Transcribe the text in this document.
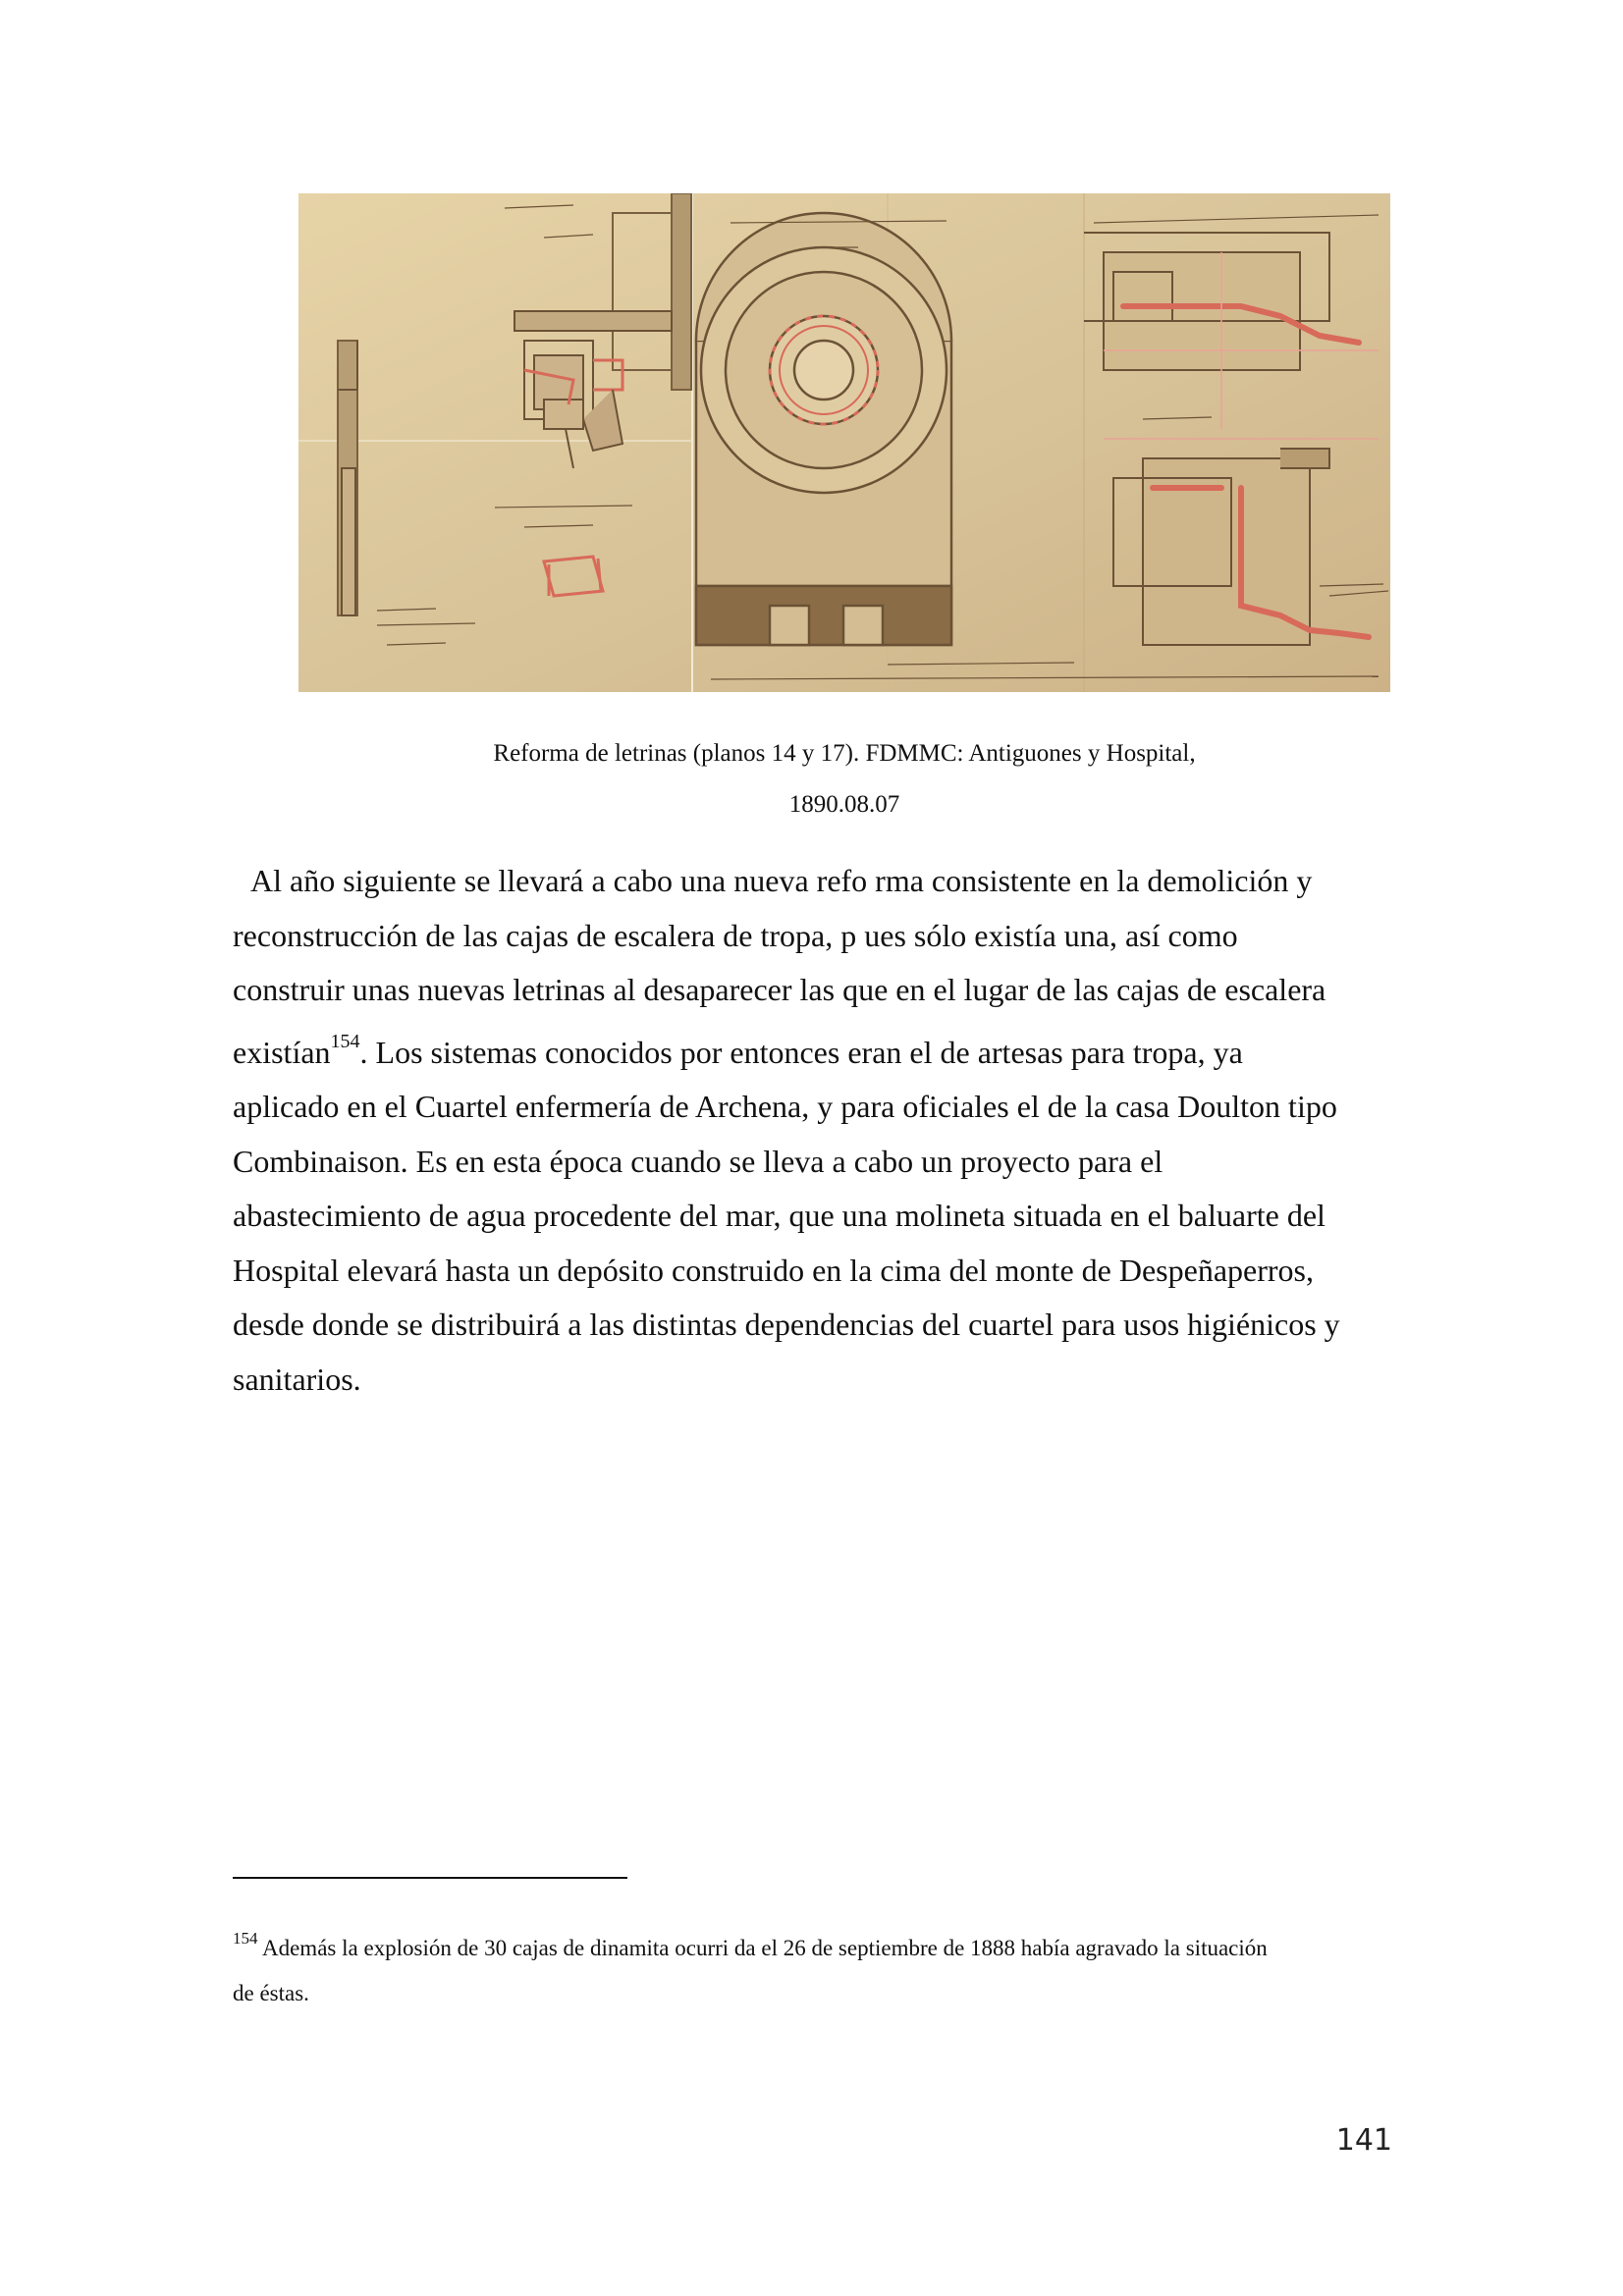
Reforma de letrinas (planos 14 y 17). FDMMC: Antiguones y Hospital,
1890.08.07

Al año siguiente se llevará a cabo una nueva refo rma consistente en la demolición y
reconstrucción de las cajas de escalera de tropa, p ues sólo existía una, así como
construir unas nuevas letrinas al desaparecer las que en el lugar de las cajas de escalera
existían$^{154}$. Los sistemas conocidos por entonces eran el de artesas para tropa, ya
aplicado en el Cuartel enfermería de Archena, y para oficiales el de la casa Doulton tipo
Combinaison. Es en esta época cuando se lleva a cabo un proyecto para el
abastecimiento de agua procedente del mar, que una molineta situada en el baluarte del
Hospital elevará hasta un depósito construido en la cima del monte de Despeñaperros,
desde donde se distribuirá a las distintas dependencias del cuartel para usos higiénicos y
sanitarios.

$^{154}$ Además la explosión de 30 cajas de dinamita ocurri da el 26 de septiembre de 1888 había agravado la situación
de éstas.

141
